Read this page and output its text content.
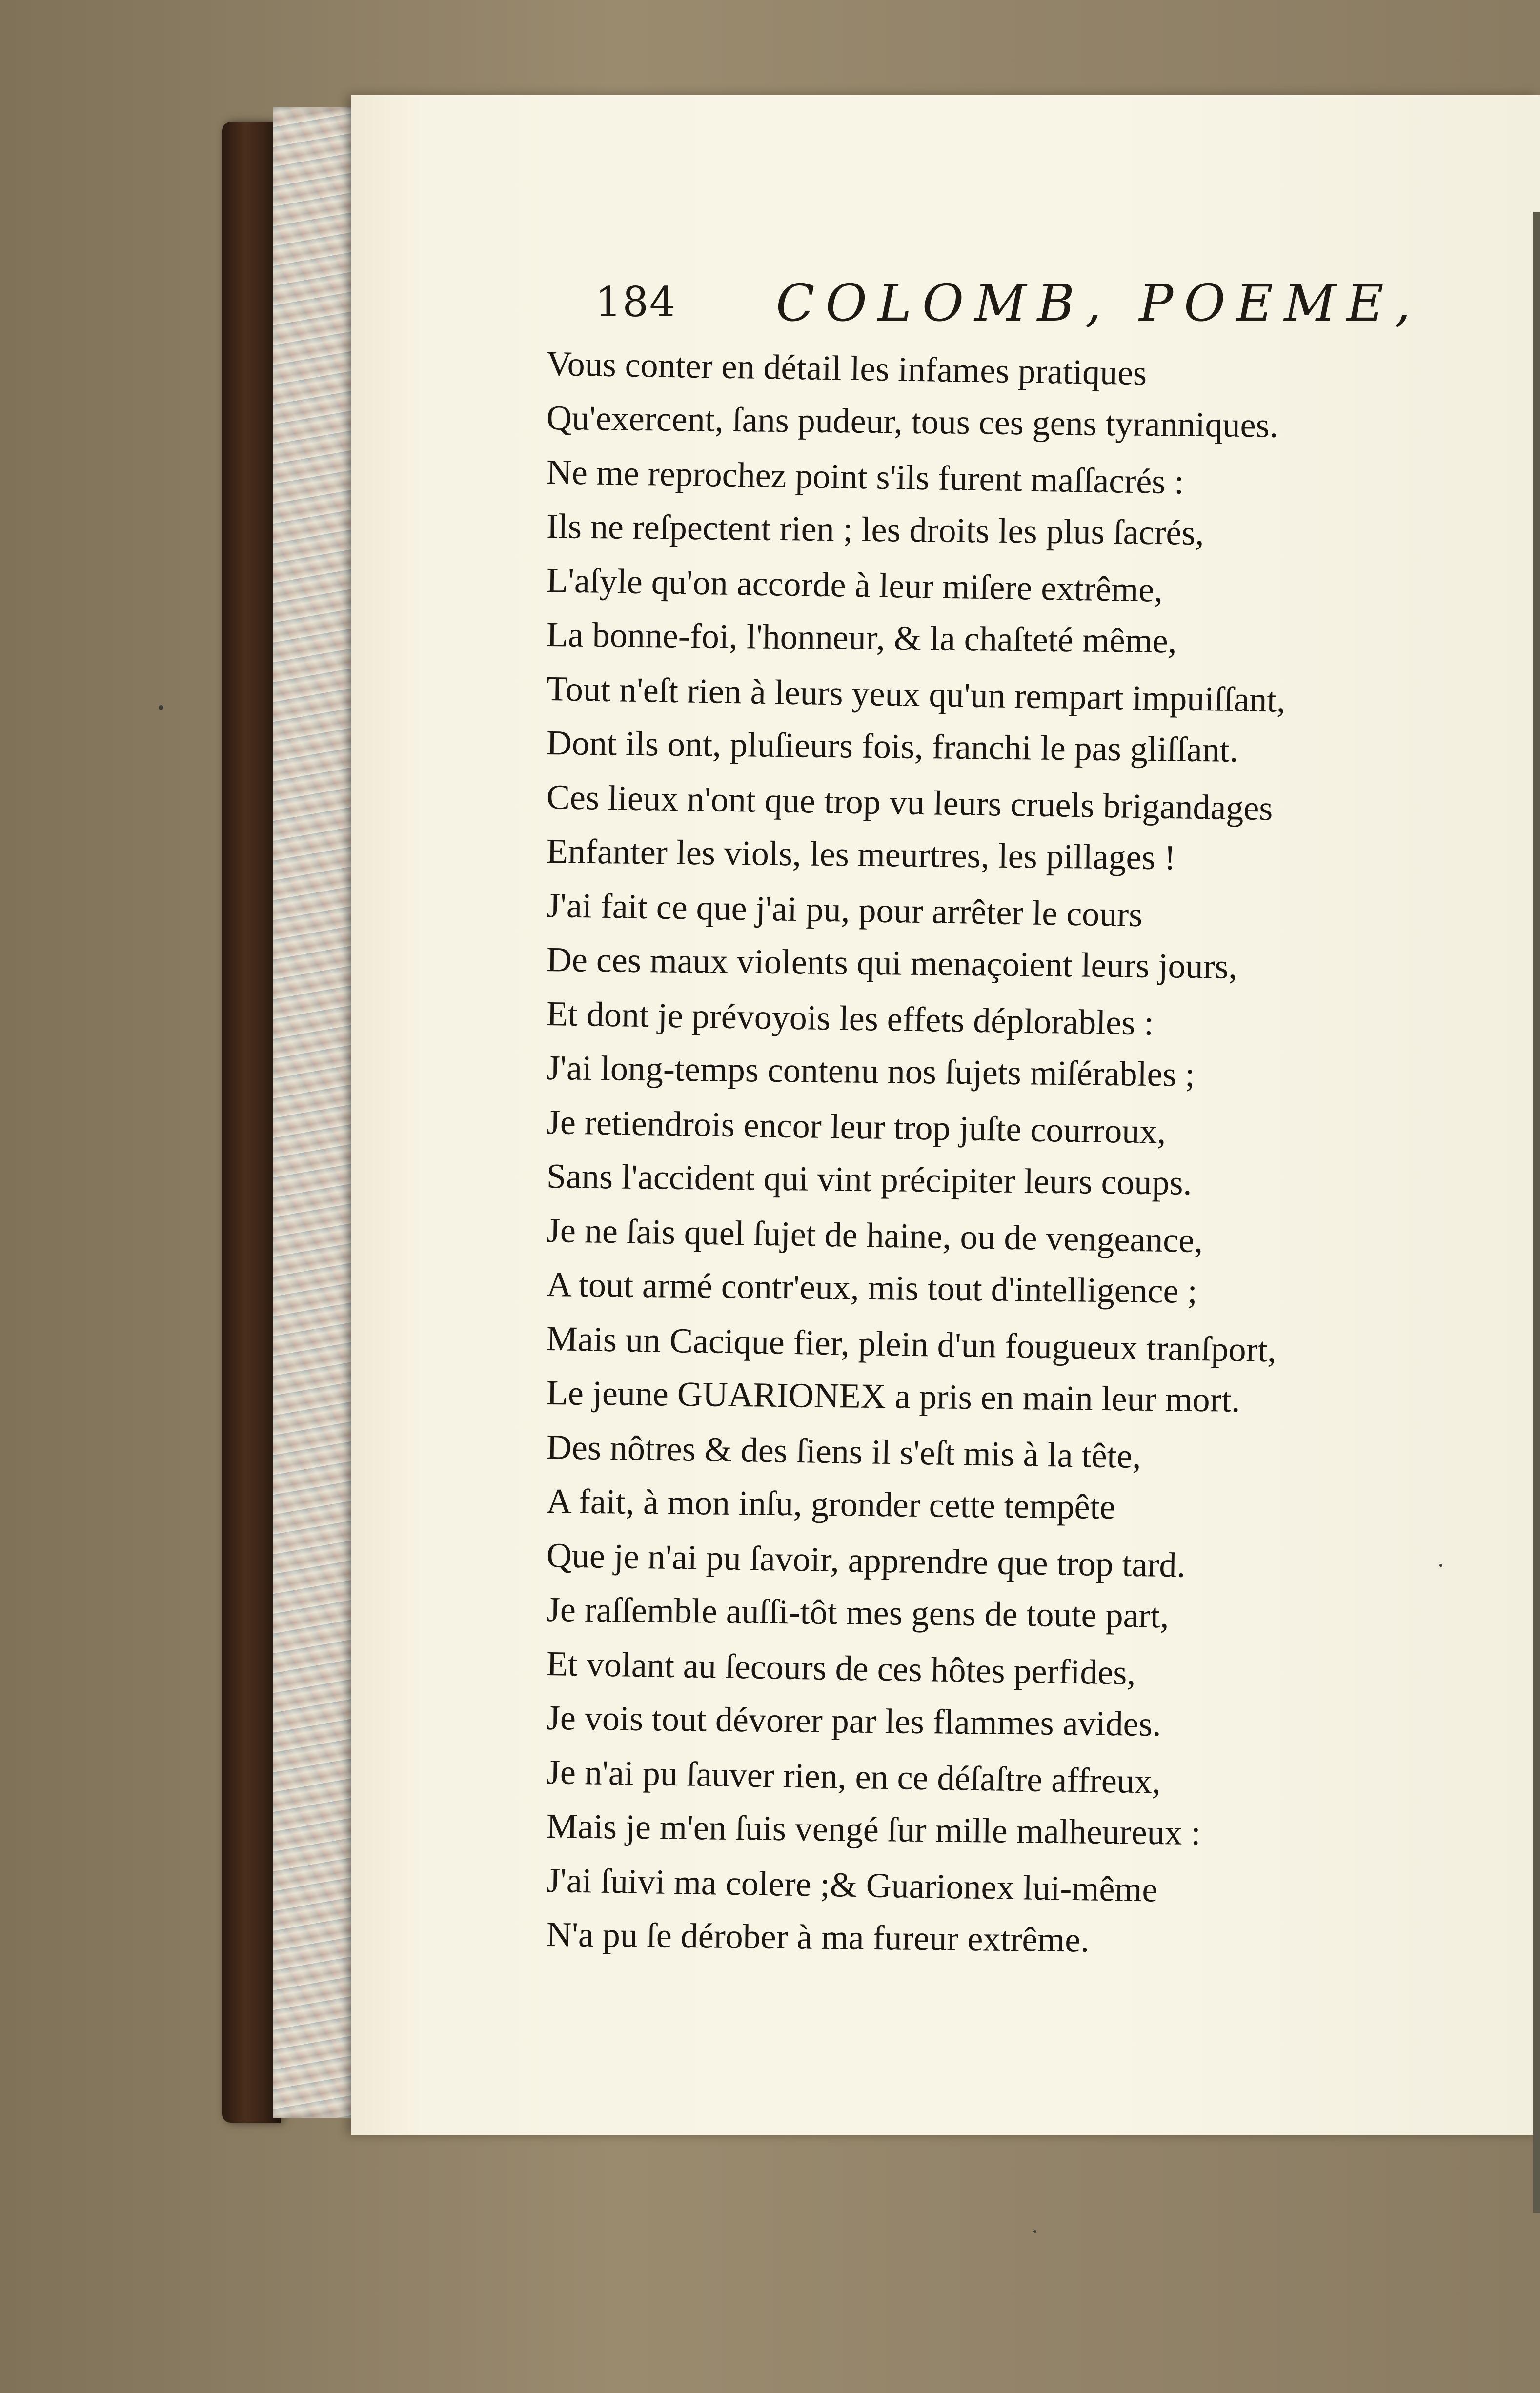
184 COLOMB, POEME,
Vous conter en détail les infames pratiques
Qu'exercent, ſans pudeur, tous ces gens tyranniques.
Ne me reprochez point s'ils furent maſſacrés :
Ils ne reſpectent rien ; les droits les plus ſacrés,
L'aſyle qu'on accorde à leur miſere extrême,
La bonne-foi, l'honneur, & la chaſteté même,
Tout n'eſt rien à leurs yeux qu'un rempart impuiſſant,
Dont ils ont, pluſieurs fois, franchi le pas gliſſant.
Ces lieux n'ont que trop vu leurs cruels brigandages
Enfanter les viols, les meurtres, les pillages !
J'ai fait ce que j'ai pu, pour arrêter le cours
De ces maux violents qui menaçoient leurs jours,
Et dont je prévoyois les effets déplorables :
J'ai long-temps contenu nos ſujets miſérables ;
Je retiendrois encor leur trop juſte courroux,
Sans l'accident qui vint précipiter leurs coups.
Je ne ſais quel ſujet de haine, ou de vengeance,
A tout armé contr'eux, mis tout d'intelligence ;
Mais un Cacique fier, plein d'un fougueux tranſport,
Le jeune GUARIONEX a pris en main leur mort.
Des nôtres & des ſiens il s'eſt mis à la tête,
A fait, à mon inſu, gronder cette tempête
Que je n'ai pu ſavoir, apprendre que trop tard.
Je raſſemble auſſi-tôt mes gens de toute part,
Et volant au ſecours de ces hôtes perfides,
Je vois tout dévorer par les flammes avides.
Je n'ai pu ſauver rien, en ce déſaſtre affreux,
Mais je m'en ſuis vengé ſur mille malheureux :
J'ai ſuivi ma colere ;& Guarionex lui-même
N'a pu ſe dérober à ma fureur extrême.
